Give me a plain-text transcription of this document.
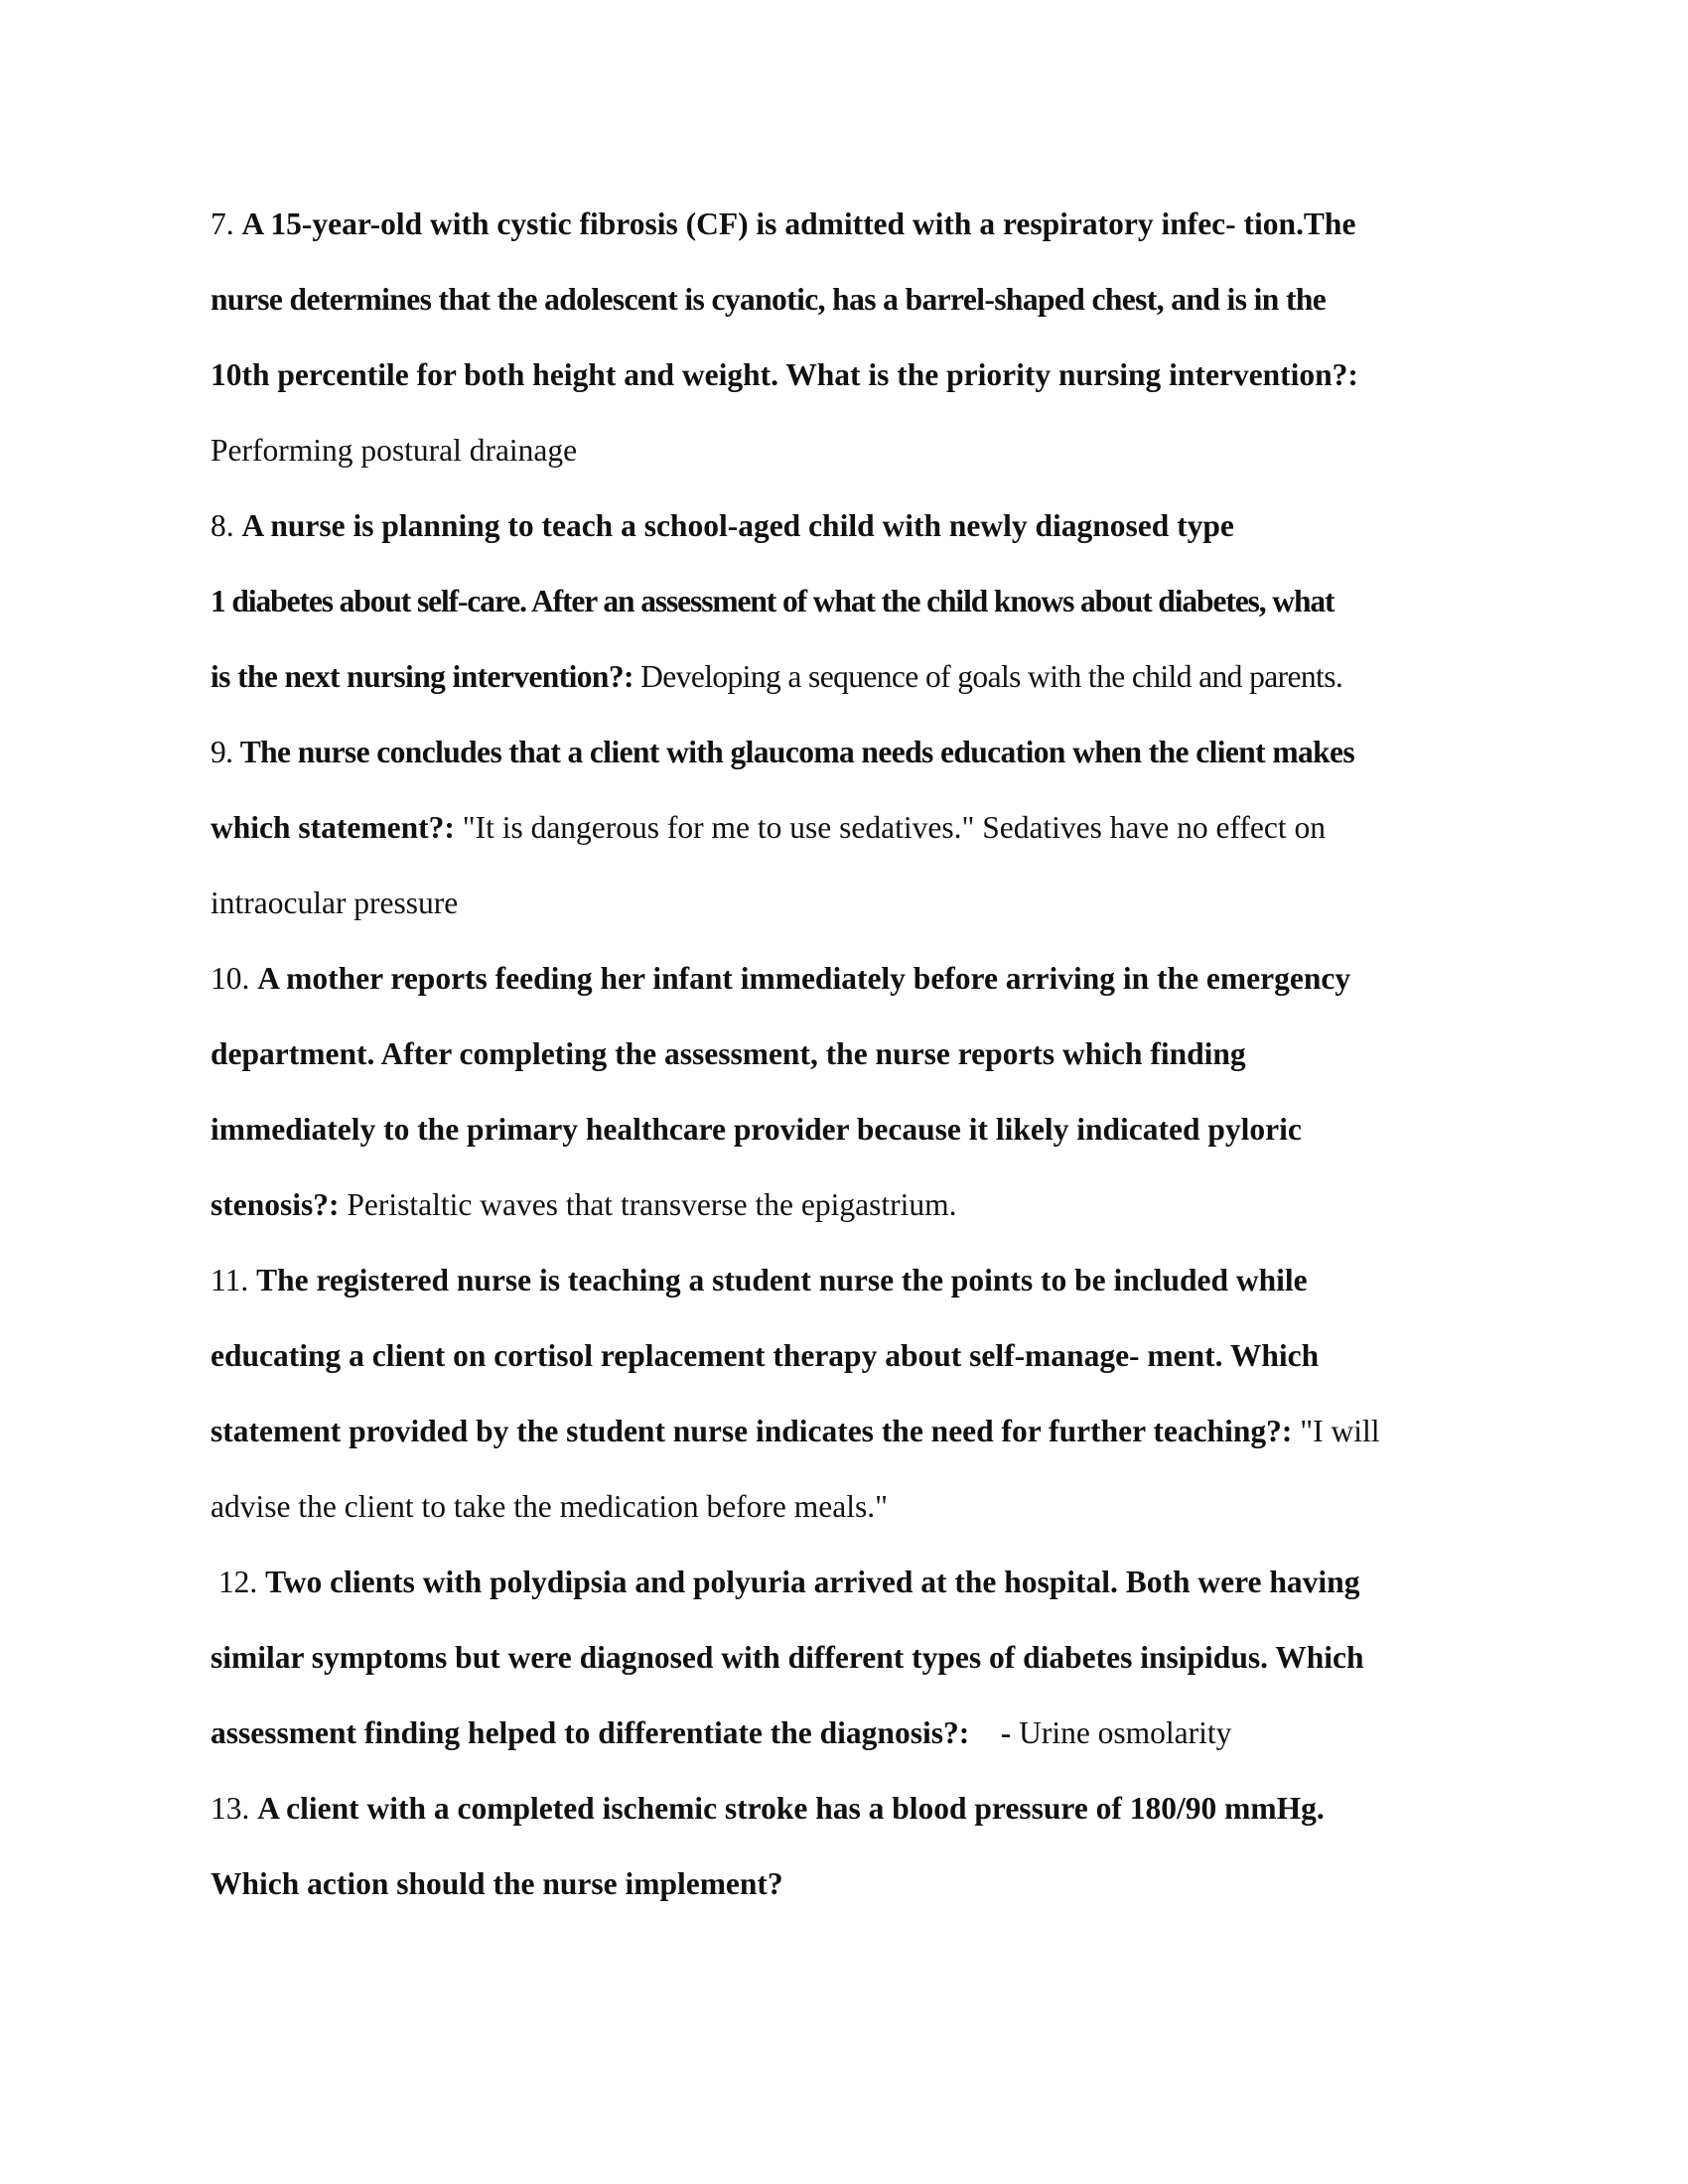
7. A 15-year-old with cystic fibrosis (CF) is admitted with a respiratory infec- tion.The
nurse determines that the adolescent is cyanotic, has a barrel-shaped chest, and is in the
10th percentile for both height and weight. What is the priority nursing intervention?:
Performing postural drainage
8. A nurse is planning to teach a school-aged child with newly diagnosed type
1 diabetes about self-care. After an assessment of what the child knows about diabetes, what
is the next nursing intervention?: Developing a sequence of goals with the child and parents.
9. The nurse concludes that a client with glaucoma needs education when the client makes
which statement?: "It is dangerous for me to use sedatives." Sedatives have no effect on
intraocular pressure
10. A mother reports feeding her infant immediately before arriving in the emergency
department. After completing the assessment, the nurse reports which finding
immediately to the primary healthcare provider because it likely indicated pyloric
stenosis?: Peristaltic waves that transverse the epigastrium.
11. The registered nurse is teaching a student nurse the points to be included while
educating a client on cortisol replacement therapy about self-manage- ment. Which
statement provided by the student nurse indicates the need for further teaching?: "I will
advise the client to take the medication before meals."
12. Two clients with polydipsia and polyuria arrived at the hospital. Both were having
similar symptoms but were diagnosed with different types of diabetes insipidus. Which
assessment finding helped to differentiate the diagnosis?: - Urine osmolarity
13. A client with a completed ischemic stroke has a blood pressure of 180/90 mmHg.
Which action should the nurse implement?
